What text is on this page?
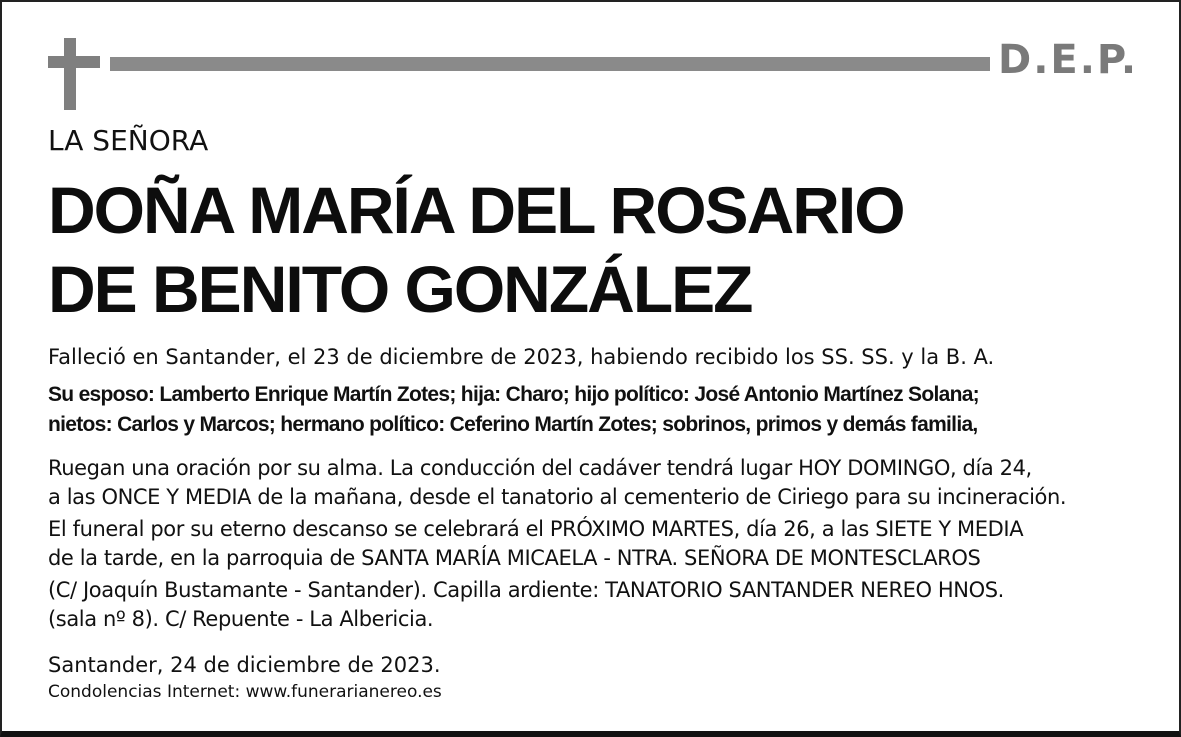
D.E.P.
LA SEÑORA
DOÑA MARÍA DEL ROSARIO
DE BENITO GONZÁLEZ
Falleció en Santander, el 23 de diciembre de 2023, habiendo recibido los SS. SS. y la B. A.
Su esposo: Lamberto Enrique Martín Zotes; hija: Charo; hijo político: José Antonio Martínez Solana;
nietos: Carlos y Marcos; hermano político: Ceferino Martín Zotes; sobrinos, primos y demás familia,
Ruegan una oración por su alma. La conducción del cadáver tendrá lugar HOY DOMINGO, día 24,
a las ONCE Y MEDIA de la mañana, desde el tanatorio al cementerio de Ciriego para su incineración.
El funeral por su eterno descanso se celebrará el PRÓXIMO MARTES, día 26, a las SIETE Y MEDIA
de la tarde, en la parroquia de SANTA MARÍA MICAELA - NTRA. SEÑORA DE MONTESCLAROS
(C/ Joaquín Bustamante - Santander). Capilla ardiente: TANATORIO SANTANDER NEREO HNOS.
(sala nº 8). C/ Repuente - La Albericia.
Santander, 24 de diciembre de 2023.
Condolencias Internet: www.funerarianereo.es
